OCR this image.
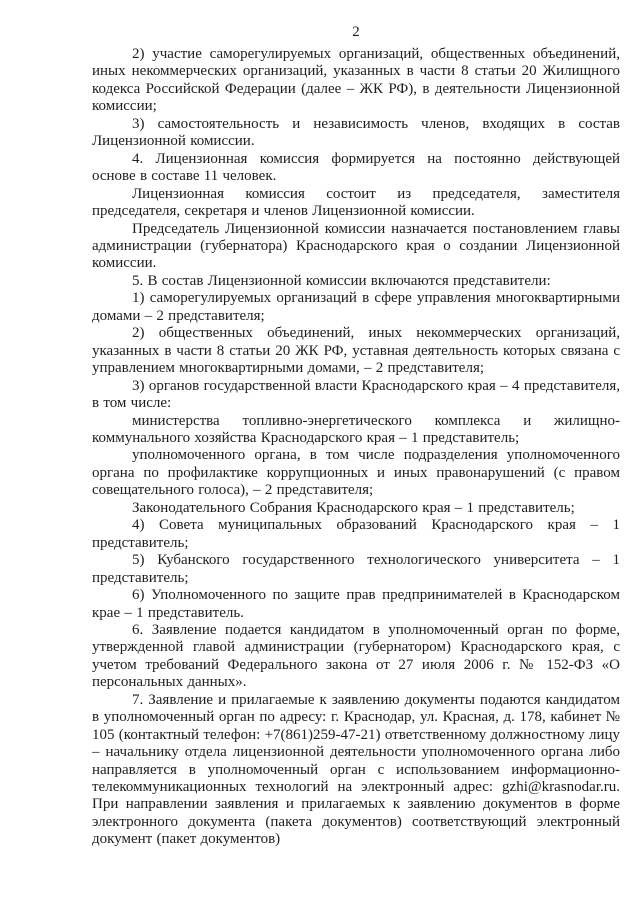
2

2) участие саморегулируемых организаций, общественных объединений, иных некоммерческих организаций, указанных в части 8 статьи 20 Жилищного кодекса Российской Федерации (далее – ЖК РФ), в деятельности Лицензионной комиссии;

3) самостоятельность и независимость членов, входящих в состав Лицензионной комиссии.

4. Лицензионная комиссия формируется на постоянно действующей основе в составе 11 человек.

Лицензионная комиссия состоит из председателя, заместителя председателя, секретаря и членов Лицензионной комиссии.

Председатель Лицензионной комиссии назначается постановлением главы администрации (губернатора) Краснодарского края о создании Лицензионной комиссии.

5. В состав Лицензионной комиссии включаются представители:

1) саморегулируемых организаций в сфере управления многоквартирными домами – 2 представителя;

2) общественных объединений, иных некоммерческих организаций, указанных в части 8 статьи 20 ЖК РФ, уставная деятельность которых связана с управлением многоквартирными домами, – 2 представителя;

3) органов государственной власти Краснодарского края – 4 представителя, в том числе:

министерства топливно-энергетического комплекса и жилищно-коммунального хозяйства Краснодарского края – 1 представитель;

уполномоченного органа, в том числе подразделения уполномоченного органа по профилактике коррупционных и иных правонарушений (с правом совещательного голоса), – 2 представителя;

Законодательного Собрания Краснодарского края – 1 представитель;

4) Совета муниципальных образований Краснодарского края – 1 представитель;

5) Кубанского государственного технологического университета – 1 представитель;

6) Уполномоченного по защите прав предпринимателей в Краснодарском крае – 1 представитель.

6. Заявление подается кандидатом в уполномоченный орган по форме, утвержденной главой администрации (губернатором) Краснодарского края, с учетом требований Федерального закона от 27 июля 2006 г. № 152-ФЗ «О персональных данных».

7. Заявление и прилагаемые к заявлению документы подаются кандидатом в уполномоченный орган по адресу: г. Краснодар, ул. Красная, д. 178, кабинет № 105 (контактный телефон: +7(861)259-47-21) ответственному должностному лицу – начальнику отдела лицензионной деятельности уполномоченного органа либо направляется в уполномоченный орган с использованием информационно-телекоммуникационных технологий на электронный адрес: gzhi@krasnodar.ru. При направлении заявления и прилагаемых к заявлению документов в форме электронного документа (пакета документов) соответствующий электронный документ (пакет документов)
